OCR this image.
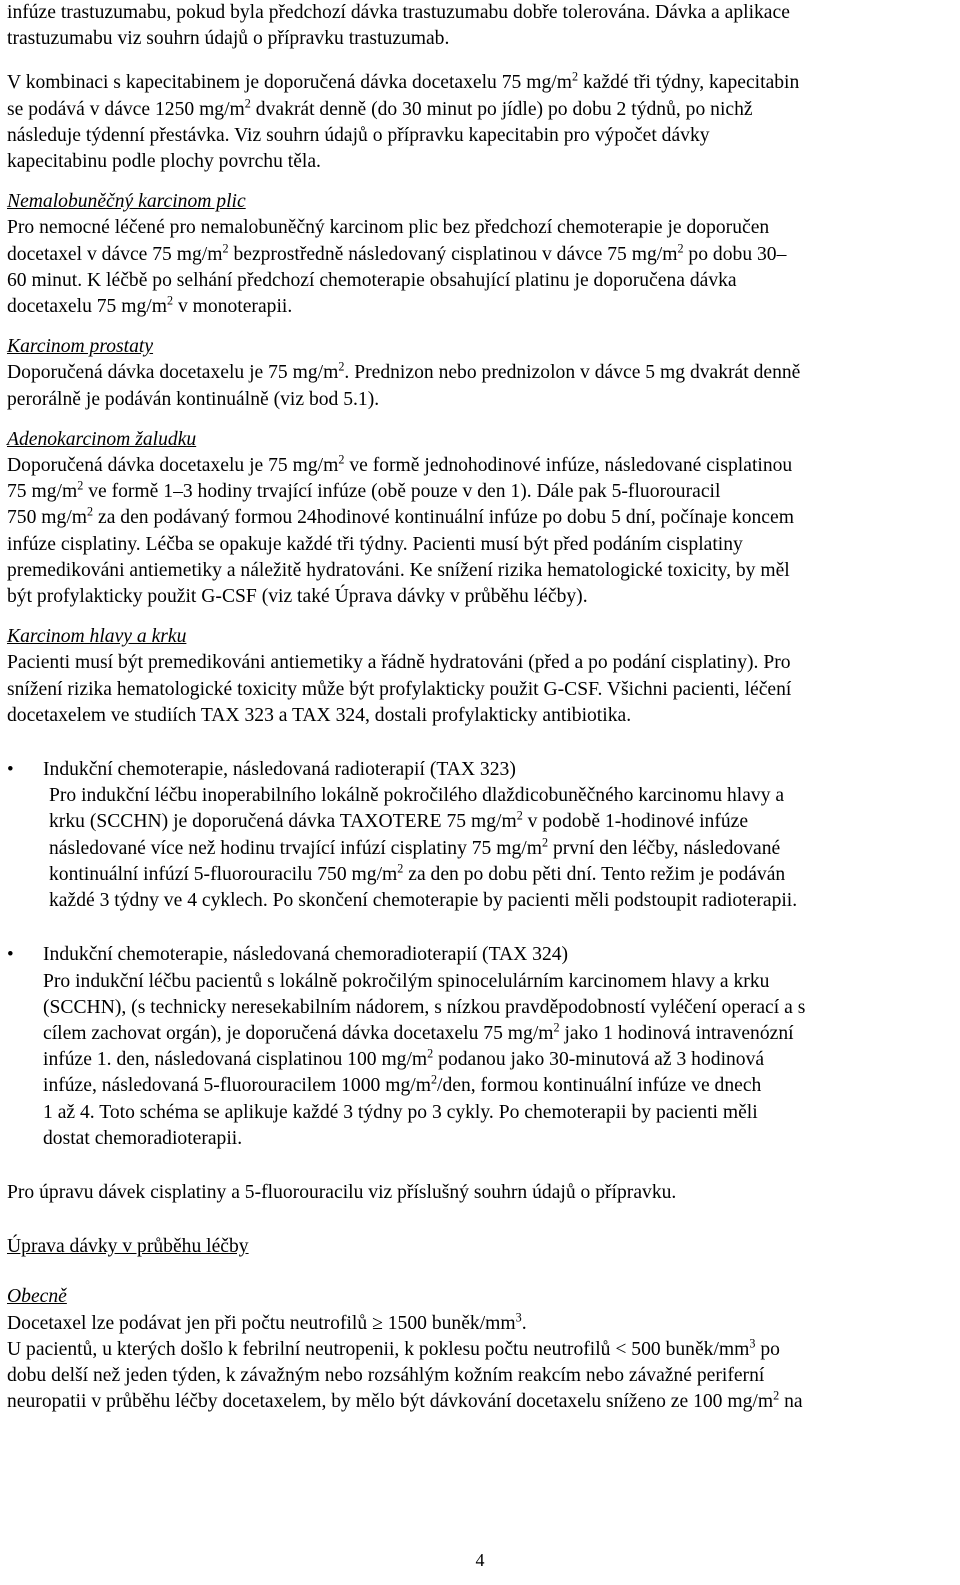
infúze trastuzumabu, pokud byla předchozí dávka trastuzumabu dobře tolerována. Dávka a aplikace
trastuzumabu viz souhrn údajů o přípravku trastuzumab.
V kombinaci s kapecitabinem je doporučená dávka docetaxelu 75 $mg/m^2$ každé tři týdny, kapecitabin
se podává v dávce 1250 $mg/m^2$ dvakrát denně (do 30 minut po jídle) po dobu 2 týdnů, po nichž
následuje týdenní přestávka. Viz souhrn údajů o přípravku kapecitabin pro výpočet dávky
kapecitabinu podle plochy povrchu těla.
Nemalobuněčný karcinom plic
Pro nemocné léčené pro nemalobuněčný karcinom plic bez předchozí chemoterapie je doporučen
docetaxel v dávce 75 $mg/m^2$ bezprostředně následovaný cisplatinou v dávce 75 $mg/m^2$ po dobu 30–
60 minut. K léčbě po selhání předchozí chemoterapie obsahující platinu je doporučena dávka
docetaxelu 75 $mg/m^2$ v monoterapii.
Karcinom prostaty
Doporučená dávka docetaxelu je 75 $mg/m^2$. Prednizon nebo prednizolon v dávce 5 mg dvakrát denně
perorálně je podáván kontinuálně (viz bod 5.1).
Adenokarcinom žaludku
Doporučená dávka docetaxelu je 75 $mg/m^2$ ve formě jednohodinové infúze, následované cisplatinou
75 $mg/m^2$ ve formě 1–3 hodiny trvající infúze (obě pouze v den 1). Dále pak 5-fluorouracil
750 $mg/m^2$ za den podávaný formou 24hodinové kontinuální infúze po dobu 5 dní, počínaje koncem
infúze cisplatiny. Léčba se opakuje každé tři týdny. Pacienti musí být před podáním cisplatiny
premedikováni antiemetiky a náležitě hydratováni. Ke snížení rizika hematologické toxicity, by měl
být profylakticky použit G-CSF (viz také Úprava dávky v průběhu léčby).
Karcinom hlavy a krku
Pacienti musí být premedikováni antiemetiky a řádně hydratováni (před a po podání cisplatiny). Pro
snížení rizika hematologické toxicity může být profylakticky použit G-CSF. Všichni pacienti, léčení
docetaxelem ve studiích TAX 323 a TAX 324, dostali profylakticky antibiotika.
• Indukční chemoterapie, následovaná radioterapií (TAX 323)
Pro indukční léčbu inoperabilního lokálně pokročilého dlaždicobuněčného karcinomu hlavy a
krku (SCCHN) je doporučená dávka TAXOTERE 75 $mg/m^2$ v podobě 1-hodinové infúze
následované více než hodinu trvající infúzí cisplatiny 75 $mg/m^2$ první den léčby, následované
kontinuální infúzí 5-fluorouracilu 750 $mg/m^2$ za den po dobu pěti dní. Tento režim je podáván
každé 3 týdny ve 4 cyklech. Po skončení chemoterapie by pacienti měli podstoupit radioterapii.
• Indukční chemoterapie, následovaná chemoradioterapií (TAX 324)
Pro indukční léčbu pacientů s lokálně pokročilým spinocelulárním karcinomem hlavy a krku
(SCCHN), (s technicky neresekabilním nádorem, s nízkou pravděpodobností vyléčení operací a s
cílem zachovat orgán), je doporučená dávka docetaxelu 75 $mg/m^2$ jako 1 hodinová intravenózní
infúze 1. den, následovaná cisplatinou 100 $mg/m^2$ podanou jako 30-minutová až 3 hodinová
infúze, následovaná 5-fluorouracilem 1000 $mg/m^2$/den, formou kontinuální infúze ve dnech
1 až 4. Toto schéma se aplikuje každé 3 týdny po 3 cykly. Po chemoterapii by pacienti měli
dostat chemoradioterapii.
Pro úpravu dávek cisplatiny a 5-fluorouracilu viz příslušný souhrn údajů o přípravku.
Úprava dávky v průběhu léčby
Obecně
Docetaxel lze podávat jen při počtu neutrofilů ≥ 1500 buněk/$mm^3$.
U pacientů, u kterých došlo k febrilní neutropenii, k poklesu počtu neutrofilů < 500 buněk/$mm^3$ po
dobu delší než jeden týden, k závažným nebo rozsáhlým kožním reakcím nebo závažné periferní
neuropatii v průběhu léčby docetaxelem, by mělo být dávkování docetaxelu sníženo ze 100 $mg/m^2$ na
4
